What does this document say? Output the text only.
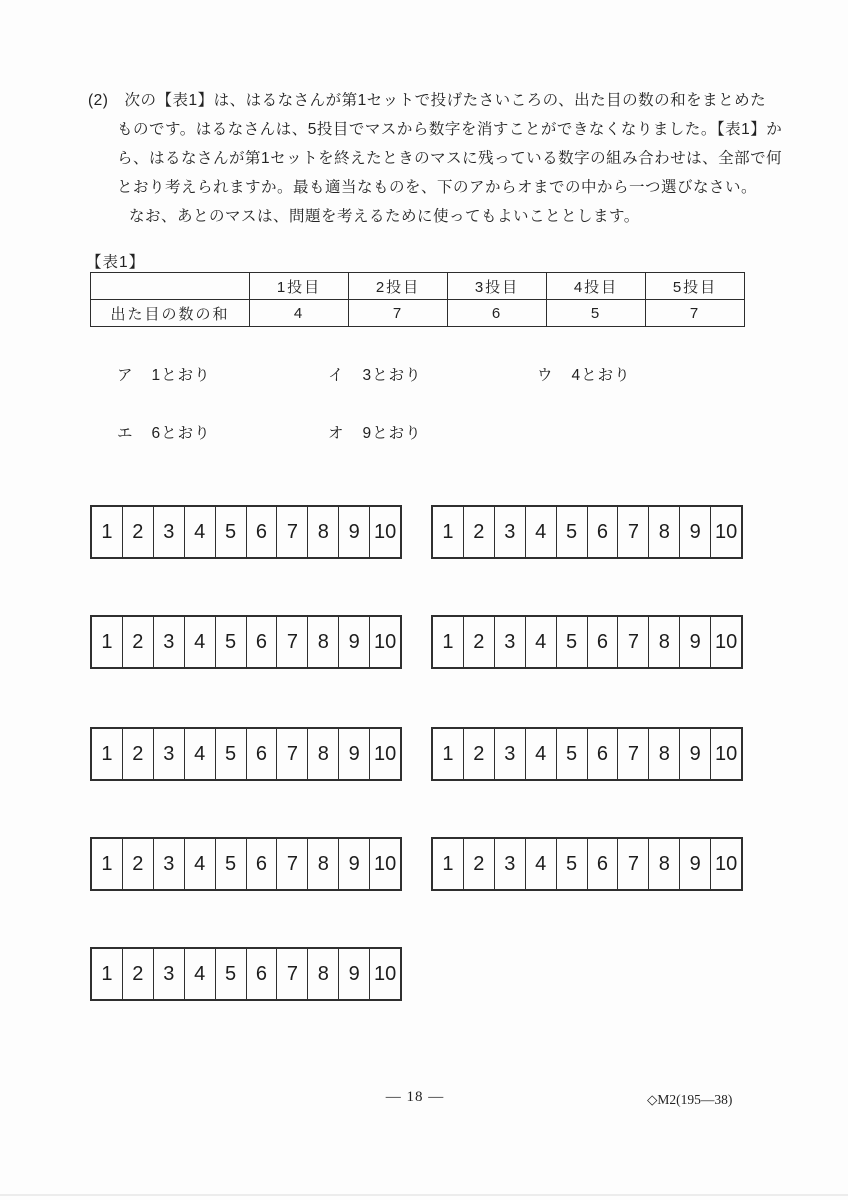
(2)　次の【表1】は、はるなさんが第1セットで投げたさいころの、出た目の数の和をまとめた
ものです。はるなさんは、5投目でマスから数字を消すことができなくなりました。【表1】か
ら、はるなさんが第1セットを終えたときのマスに残っている数字の組み合わせは、全部で何
とおり考えられますか。最も適当なものを、下のアからオまでの中から一つ選びなさい。
なお、あとのマスは、問題を考えるために使ってもよいこととします。
【表1】
	1投目	2投目	3投目	4投目	5投目
出た目の数の和	4	7	6	5	7
ア 1とおり	イ 3とおり	ウ 4とおり
エ 6とおり	オ 9とおり
1 2 3 4 5 6 7 8 9 10	1 2 3 4 5 6 7 8 9 10
1 2 3 4 5 6 7 8 9 10	1 2 3 4 5 6 7 8 9 10
1 2 3 4 5 6 7 8 9 10	1 2 3 4 5 6 7 8 9 10
1 2 3 4 5 6 7 8 9 10	1 2 3 4 5 6 7 8 9 10
1 2 3 4 5 6 7 8 9 10
— 18 —	◇M2(195—38)
